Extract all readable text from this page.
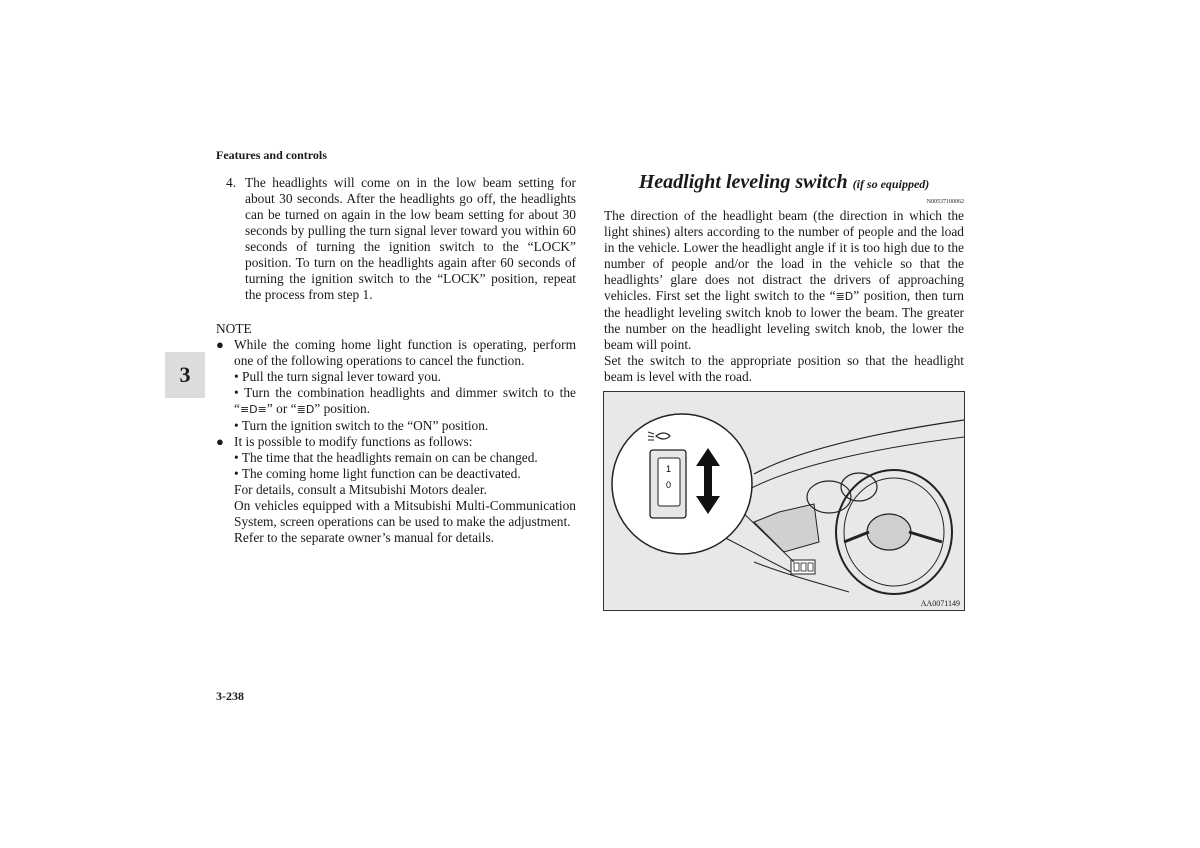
Features and controls
3
4. The headlights will come on in the low beam setting for about 30 seconds. After the headlights go off, the headlights can be turned on again in the low beam setting for about 30 seconds by pulling the turn signal lever toward you within 60 seconds of turning the ignition switch to the “LOCK” position. To turn on the headlights again after 60 seconds of turning the ignition switch to the “LOCK” position, repeat the process from step 1.
NOTE
● While the coming home light function is operating, perform one of the following operations to cancel the function.
• Pull the turn signal lever toward you.
• Turn the combination headlights and dimmer switch to the “≡D≡” or “≣D” position.
• Turn the ignition switch to the “ON” position.
● It is possible to modify functions as follows:
• The time that the headlights remain on can be changed.
• The coming home light function can be deactivated.
For details, consult a Mitsubishi Motors dealer.
On vehicles equipped with a Mitsubishi Multi-Communication System, screen operations can be used to make the adjustment.
Refer to the separate owner’s manual for details.
Headlight leveling switch (if so equipped)
N00537100062
The direction of the headlight beam (the direction in which the light shines) alters according to the number of people and the load in the vehicle. Lower the headlight angle if it is too high due to the number of people and/or the load in the vehicle so that the headlights’ glare does not distract the drivers of approaching vehicles. First set the light switch to the “≣D” position, then turn the headlight leveling switch knob to lower the beam. The greater the number on the headlight leveling switch knob, the lower the beam will point.
Set the switch to the appropriate position so that the headlight beam is level with the road.
1
0
AA0071149
3-238
